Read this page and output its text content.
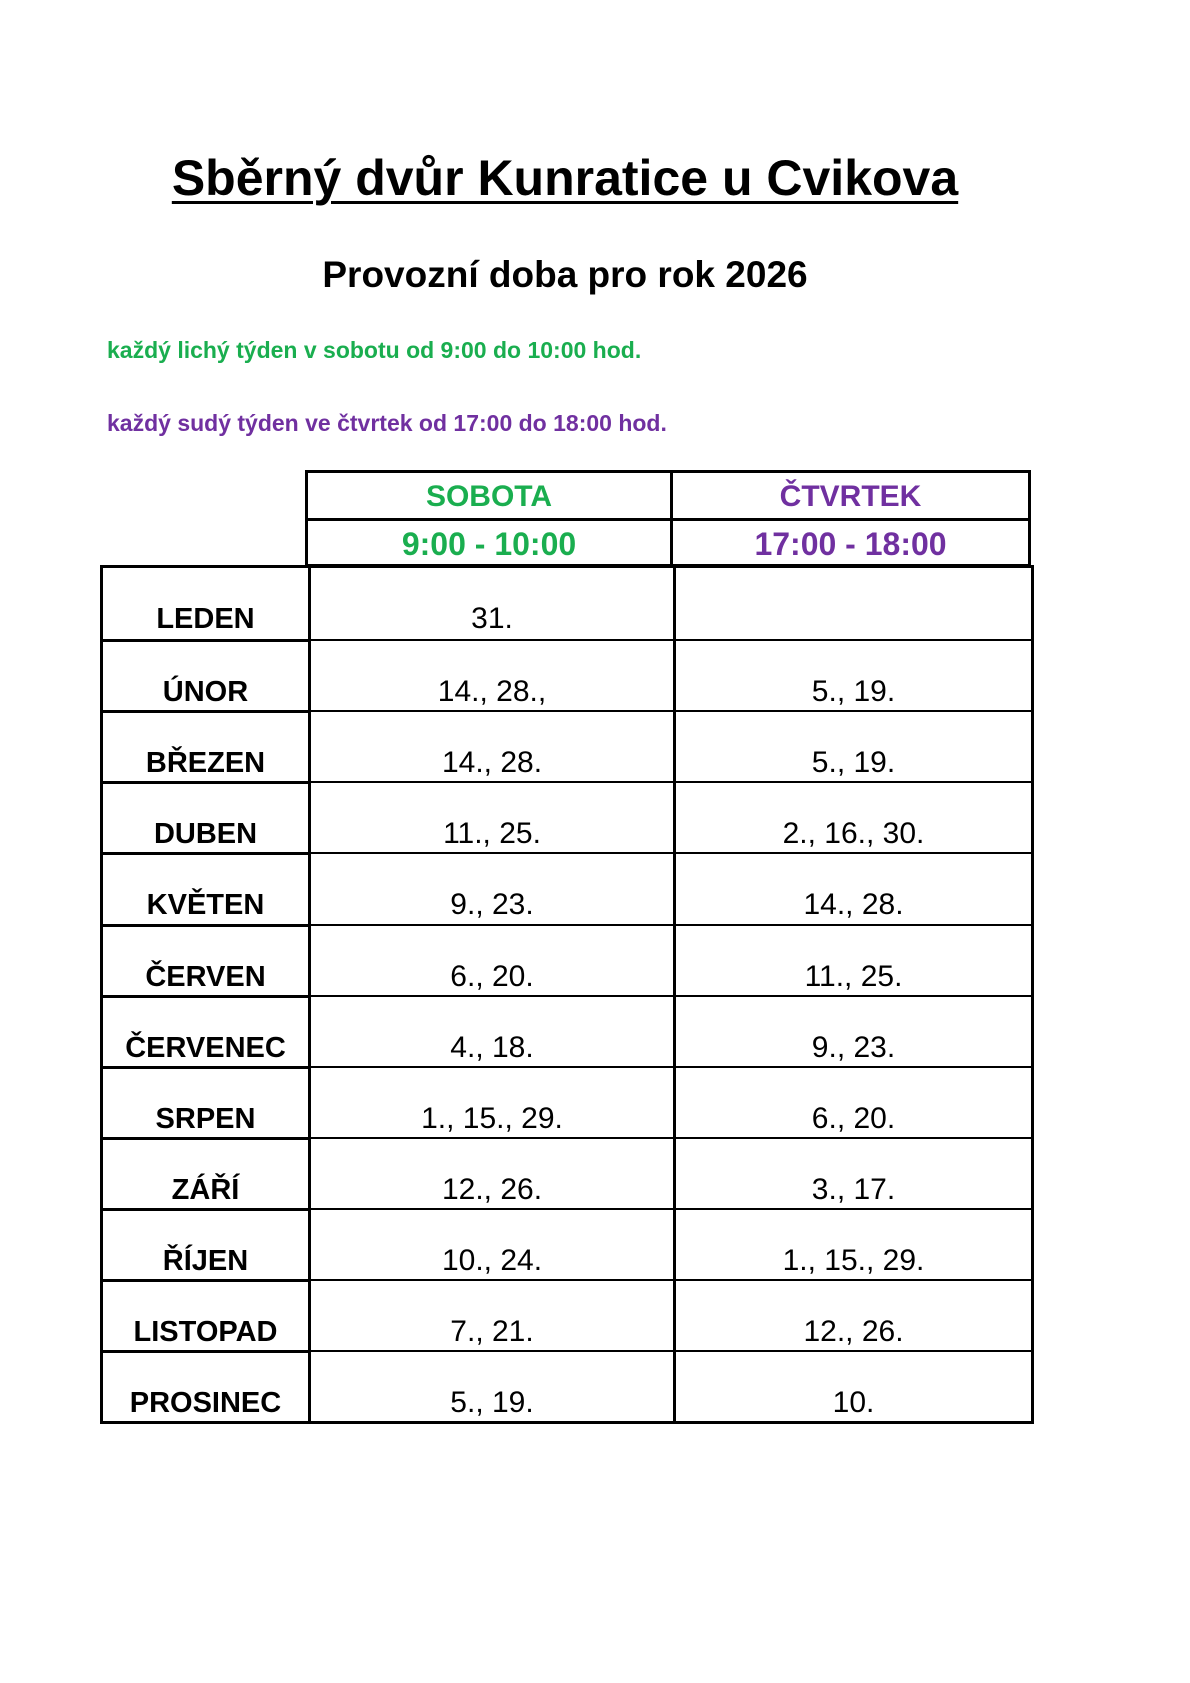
Sběrný dvůr Kunratice u Cvikova
Provozní doba pro rok 2026
každý lichý týden v sobotu od 9:00 do 10:00 hod.
každý sudý týden ve čtvrtek od 17:00 do 18:00 hod.
SOBOTA	ČTVRTEK
9:00 - 10:00	17:00 - 18:00
LEDEN	31.
ÚNOR	14., 28.,	5., 19.
BŘEZEN	14., 28.	5., 19.
DUBEN	11., 25.	2., 16., 30.
KVĚTEN	9., 23.	14., 28.
ČERVEN	6., 20.	11., 25.
ČERVENEC	4., 18.	9., 23.
SRPEN	1., 15., 29.	6., 20.
ZÁŘÍ	12., 26.	3., 17.
ŘÍJEN	10., 24.	1., 15., 29.
LISTOPAD	7., 21.	12., 26.
PROSINEC	5., 19.	10.
